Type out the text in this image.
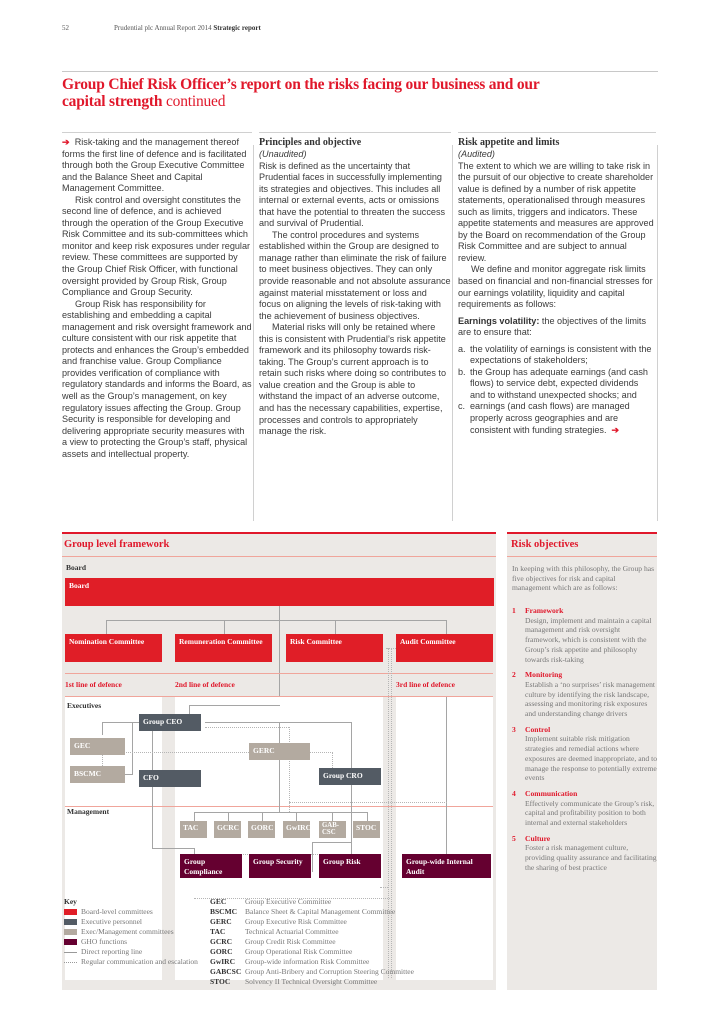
52	Prudential plc Annual Report 2014 Strategic report
Group Chief Risk Officer’s report on the risks facing our business and our capital strength continued

➔ Risk-taking and the management thereof forms the first line of defence and is facilitated through both the Group Executive Committee and the Balance Sheet and Capital Management Committee.

Risk control and oversight constitutes the second line of defence, and is achieved through the operation of the Group Executive Risk Committee and its sub-committees which monitor and keep risk exposures under regular review. These committees are supported by the Group Chief Risk Officer, with functional oversight provided by Group Risk, Group Compliance and Group Security.

Group Risk has responsibility for establishing and embedding a capital management and risk oversight framework and culture consistent with our risk appetite that protects and enhances the Group’s embedded and franchise value. Group Compliance provides verification of compliance with regulatory standards and informs the Board, as well as the Group’s management, on key regulatory issues affecting the Group. Group Security is responsible for developing and delivering appropriate security measures with a view to protecting the Group’s staff, physical assets and intellectual property.

Principles and objective
(Unaudited)

Risk is defined as the uncertainty that Prudential faces in successfully implementing its strategies and objectives. This includes all internal or external events, acts or omissions that have the potential to threaten the success and survival of Prudential.

The control procedures and systems established within the Group are designed to manage rather than eliminate the risk of failure to meet business objectives. They can only provide reasonable and not absolute assurance against material misstatement or loss and focus on aligning the levels of risk-taking with the achievement of business objectives.

Material risks will only be retained where this is consistent with Prudential’s risk appetite framework and its philosophy towards risk-taking. The Group’s current approach is to retain such risks where doing so contributes to value creation and the Group is able to withstand the impact of an adverse outcome, and has the necessary capabilities, expertise, processes and controls to appropriately manage the risk.

Risk appetite and limits
(Audited)

The extent to which we are willing to take risk in the pursuit of our objective to create shareholder value is defined by a number of risk appetite statements, operationalised through measures such as limits, triggers and indicators. These appetite statements and measures are approved by the Board on recommendation of the Group Risk Committee and are subject to annual review.

We define and monitor aggregate risk limits based on financial and non-financial stresses for our earnings volatility, liquidity and capital requirements as follows:

Earnings volatility: the objectives of the limits are to ensure that:

a. the volatility of earnings is consistent with the expectations of stakeholders;
b. the Group has adequate earnings (and cash flows) to service debt, expected dividends and to withstand unexpected shocks; and
c. earnings (and cash flows) are managed properly across geographies and are consistent with funding strategies. ➔
Group level framework
Board
Board
Nomination Committee	Remuneration Committee	Risk Committee	Audit Committee
1st line of defence	2nd line of defence	3rd line of defence
Executives
Management
Group CEO
GEC
BSCMC	CFO
GERC
Group CRO
TAC	GCRC	GORC	GwIRC	GAB-CSC
STOC
Group Compliance
Group Security	Group Risk	Group-wide Internal Audit
Key
Board-level committees
Executive personnel
Exec/Management committees
GHO functions
Direct reporting line
Regular communication and escalation
GEC	Group Executive Committee
BSCMC	Balance Sheet & Capital Management Committee
GERC	Group Executive Risk Committee
TAC	Technical Actuarial Committee
GCRC	Group Credit Risk Committee
GORC	Group Operational Risk Committee
GwIRC	Group-wide information Risk Committee
GABCSC Group Anti-Bribery and Corruption Steering Committee
STOC	Solvency II Technical Oversight Committee
Risk objectives
In keeping with this philosophy, the Group has five objectives for risk and capital management which are as follows:
1	Framework
Design, implement and maintain a capital management and risk oversight framework, which is consistent with the Group’s risk appetite and philosophy towards risk-taking
2	Monitoring
Establish a ‘no surprises’ risk management culture by identifying the risk landscape, assessing and monitoring risk exposures and understanding change drivers
3	Control
Implement suitable risk mitigation strategies and remedial actions where exposures are deemed inappropriate, and to manage the response to potentially extreme events
4	Communication
Effectively communicate the Group’s risk, capital and profitability position to both internal and external stakeholders
5	Culture
Foster a risk management culture, providing quality assurance and facilitating the sharing of best practice
